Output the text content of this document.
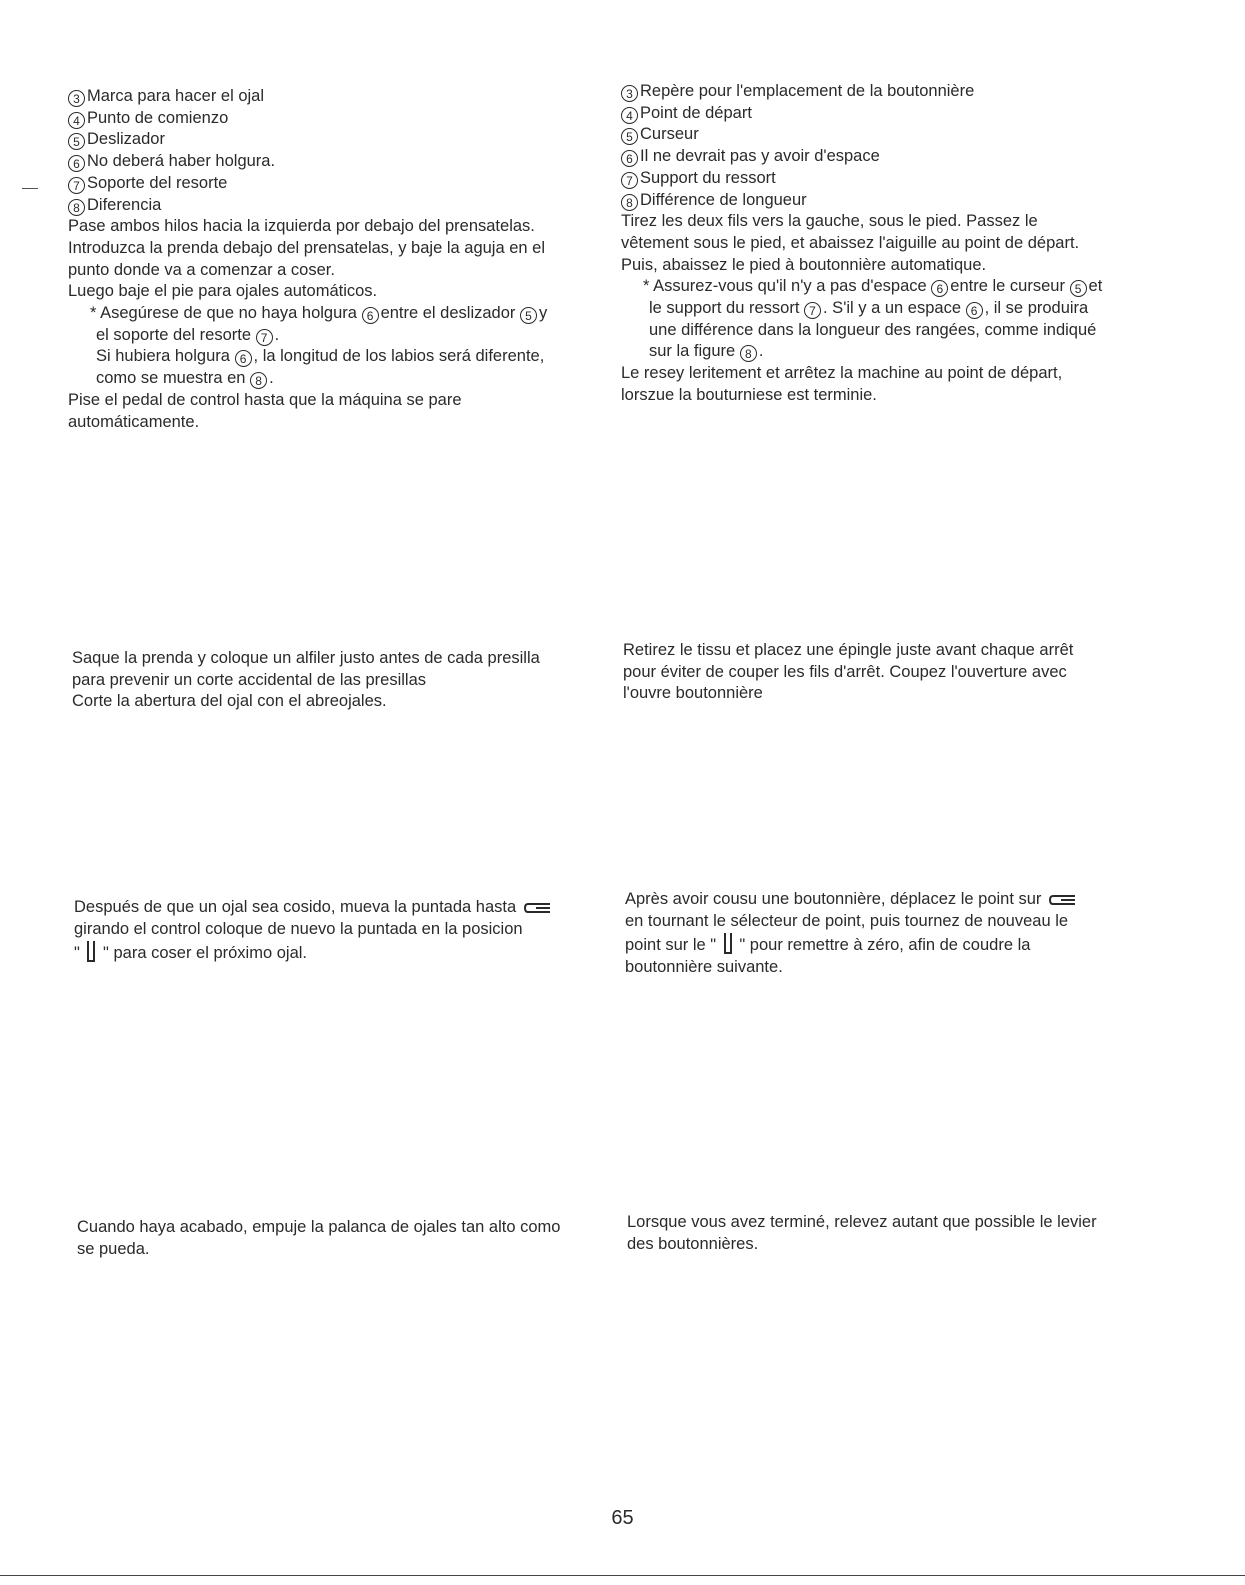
3 Marca para hacer el ojal

4 Punto de comienzo

5 Deslizador

6 No deberá haber holgura.

7 Soporte del resorte

8 Diferencia

Pase ambos hilos hacia la izquierda por debajo del prensatelas.

Introduzca la prenda debajo del prensatelas, y baje la aguja en el

punto donde va a comenzar a coser.

Luego baje el pie para ojales automáticos.

* Asegúrese de que no haya holgura 6 entre el deslizador 5 y

el soporte del resorte 7 .

Si hubiera holgura 6 , la longitud de los labios será diferente,

como se muestra en 8 .

Pise el pedal de control hasta que la máquina se pare

automáticamente.

3 Repère pour l'emplacement de la boutonnière

4 Point de départ

5 Curseur

6 Il ne devrait pas y avoir d'espace

7 Support du ressort

8 Différence de longueur

Tirez les deux fils vers la gauche, sous le pied. Passez le

vêtement sous le pied, et abaissez l'aiguille au point de départ.

Puis, abaissez le pied à boutonnière automatique.

* Assurez-vous qu'il n'y a pas d'espace 6 entre le curseur 5 et

le support du ressort 7 . S'il y a un espace 6 , il se produira

une différence dans la longueur des rangées, comme indiqué

sur la figure 8 .

Le resey leritement et arrêtez la machine au point de départ,

lorszue la bouturniese est terminie.

Saque la prenda y coloque un alfiler justo antes de cada presilla

para prevenir un corte accidental de las presillas

Corte la abertura del ojal con el abreojales.

Retirez le tissu et placez une épingle juste avant chaque arrêt

pour éviter de couper les fils d'arrêt. Coupez l'ouverture avec

l'ouvre boutonnière

Después de que un ojal sea cosido, mueva la puntada hasta

girando el control coloque de nuevo la puntada en la posicion

" " para coser el próximo ojal.

Après avoir cousu une boutonnière, déplacez le point sur

en tournant le sélecteur de point, puis tournez de nouveau le

point sur le " " pour remettre à zéro, afin de coudre la

boutonnière suivante.

Cuando haya acabado, empuje la palanca de ojales tan alto como

se pueda.

Lorsque vous avez terminé, relevez autant que possible le levier

des boutonnières.

65
